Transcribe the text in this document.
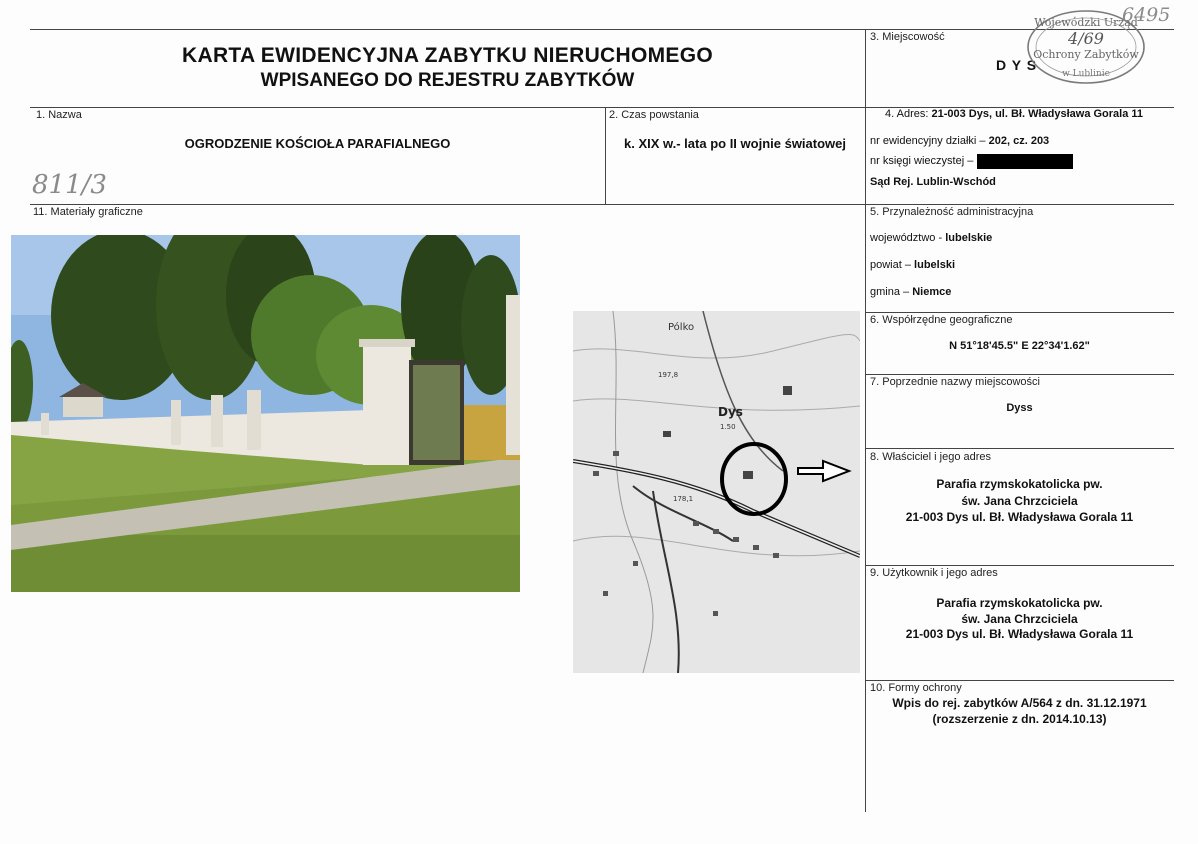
KARTA EWIDENCYJNA ZABYTKU NIERUCHOMEGO
WPISANEGO DO REJESTRU ZABYTKÓW
3. Miejscowość
D Y S
Wojewódzki Urząd
Ochrony Zabytków
w Lublinie
4/69
6495
1. Nazwa
OGRODZENIE KOŚCIOŁA PARAFIALNEGO
811/3
2. Czas powstania
k. XIX w.- lata po II wojnie światowej
4. Adres: 21-003 Dys, ul. Bł. Władysława Gorala 11
nr ewidencyjny działki – 202, cz. 203
nr księgi wieczystej –
Sąd Rej. Lublin-Wschód
11. Materiały graficzne
Pólko
Dys
1.50
197,8
178,1
5. Przynależność administracyjna
województwo - lubelskie
powiat – lubelski
gmina – Niemce
6. Współrzędne geograficzne
N 51°18'45.5" E 22°34'1.62"
7. Poprzednie nazwy miejscowości
Dyss
8. Właściciel i jego adres
Parafia rzymskokatolicka pw.
św. Jana Chrzciciela
21-003 Dys ul. Bł. Władysława Gorala 11
9. Użytkownik i jego adres
Parafia rzymskokatolicka pw.
św. Jana Chrzciciela
21-003 Dys ul. Bł. Władysława Gorala 11
10. Formy ochrony
Wpis do rej. zabytków A/564 z dn. 31.12.1971
(rozszerzenie z dn. 2014.10.13)
